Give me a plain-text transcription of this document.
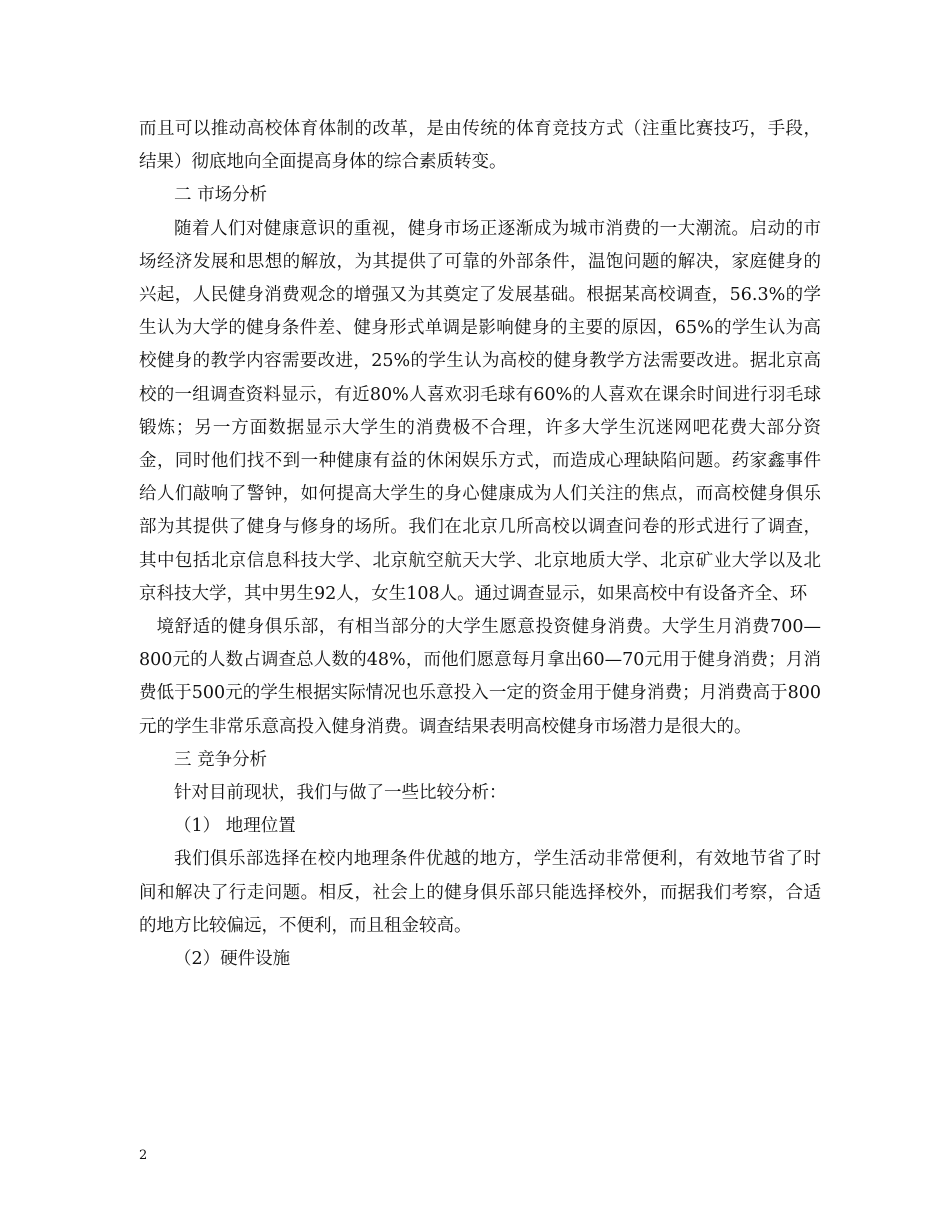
而且可以推动高校体育体制的改革，是由传统的体育竞技方式（注重比赛技巧，手段，结果）彻底地向全面提高身体的综合素质转变。

二 市场分析

随着人们对健康意识的重视，健身市场正逐渐成为城市消费的一大潮流。启动的市场经济发展和思想的解放，为其提供了可靠的外部条件，温饱问题的解决，家庭健身的兴起，人民健身消费观念的增强又为其奠定了发展基础。根据某高校调查，56.3%的学生认为大学的健身条件差、健身形式单调是影响健身的主要的原因，65%的学生认为高校健身的教学内容需要改进，25%的学生认为高校的健身教学方法需要改进。据北京高校的一组调查资料显示，有近80%人喜欢羽毛球有60%的人喜欢在课余时间进行羽毛球锻炼；另一方面数据显示大学生的消费极不合理，许多大学生沉迷网吧花费大部分资金，同时他们找不到一种健康有益的休闲娱乐方式，而造成心理缺陷问题。药家鑫事件给人们敲响了警钟，如何提高大学生的身心健康成为人们关注的焦点，而高校健身俱乐部为其提供了健身与修身的场所。我们在北京几所高校以调查问卷的形式进行了调查，其中包括北京信息科技大学、北京航空航天大学、北京地质大学、北京矿业大学以及北京科技大学，其中男生92人，女生108人。通过调查显示，如果高校中有设备齐全、环

境舒适的健身俱乐部，有相当部分的大学生愿意投资健身消费。大学生月消费700—800元的人数占调查总人数的48%，而他们愿意每月拿出60—70元用于健身消费；月消费低于500元的学生根据实际情况也乐意投入一定的资金用于健身消费；月消费高于800元的学生非常乐意高投入健身消费。调查结果表明高校健身市场潜力是很大的。

三 竞争分析

针对目前现状，我们与做了一些比较分析：

（1） 地理位置

我们俱乐部选择在校内地理条件优越的地方，学生活动非常便利，有效地节省了时间和解决了行走问题。相反，社会上的健身俱乐部只能选择校外，而据我们考察，合适的地方比较偏远，不便利，而且租金较高。

（2）硬件设施

2
